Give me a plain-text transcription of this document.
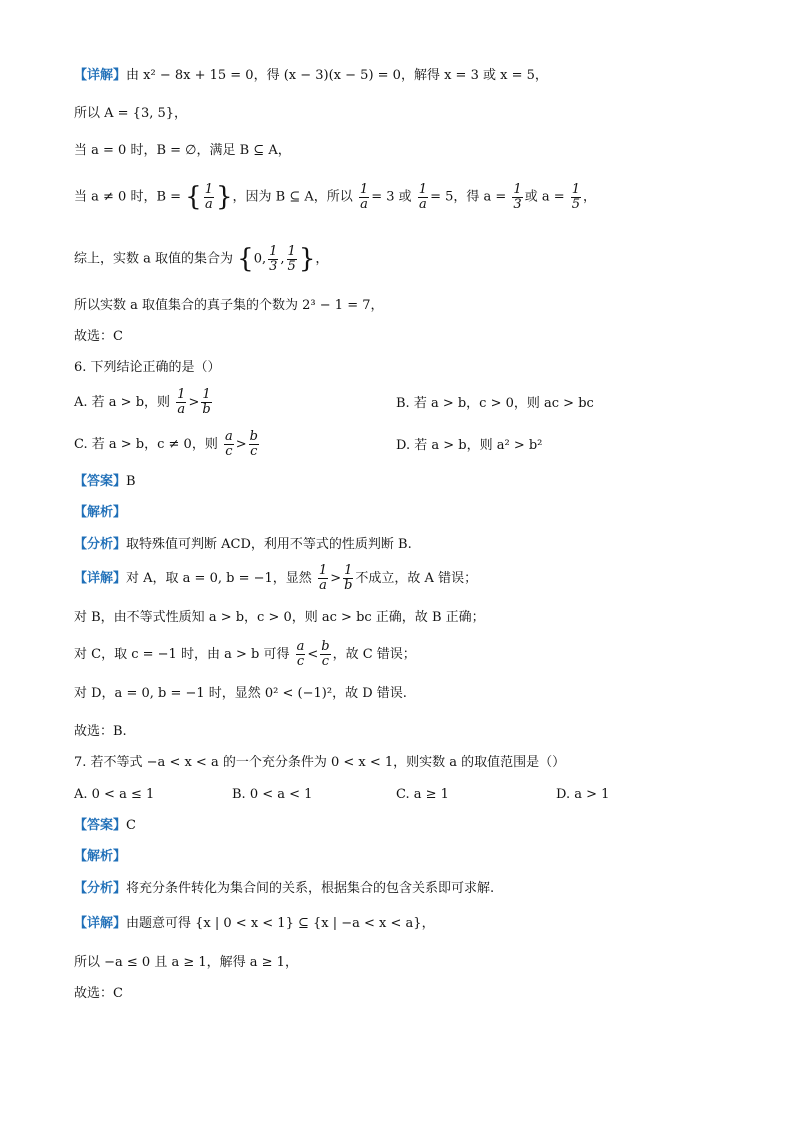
【详解】由 x² − 8x + 15 = 0，得 (x − 3)(x − 5) = 0，解得 x = 3 或 x = 5，
所以 A = {3, 5}，
当 a = 0 时，B = ∅，满足 B ⊆ A，
当 a ≠ 0 时，B = { $\frac{1}{a}$ }，因为 B ⊆ A，所以 $\frac{1}{a} = 3$ 或 $\frac{1}{a} = 5$，得 $a = \frac{1}{3}$ 或 $a = \frac{1}{5}$ ，
综上，实数 a 取值的集合为 {0, $\frac{1}{3}$ , $\frac{1}{5}$ }，
所以实数 a 取值集合的真子集的个数为 2³ − 1 = 7，
故选：C
6. 下列结论正确的是（）
A. 若 a > b，则 $\frac{1}{a} > \frac{1}{b}$	B. 若 a > b，c > 0，则 ac > bc
C. 若 a > b，c ≠ 0，则 $\frac{a}{c} > \frac{b}{c}$	D. 若 a > b，则 a² > b²
【答案】B
【解析】
【分析】取特殊值可判断 ACD，利用不等式的性质判断 B.
【详解】对 A，取 a = 0, b = −1，显然 $\frac{1}{a} > \frac{1}{b}$ 不成立，故 A 错误；
对 B，由不等式性质知 a > b，c > 0，则 ac > bc 正确，故 B 正确；
对 C，取 c = −1 时，由 a > b 可得 $\frac{a}{c} < \frac{b}{c}$ ，故 C 错误；
对 D，a = 0, b = −1 时，显然 0² < (−1)²，故 D 错误.
故选：B.
7. 若不等式 −a < x < a 的一个充分条件为 0 < x < 1，则实数 a 的取值范围是（）
A. 0 < a ≤ 1	B. 0 < a < 1	C. a ≥ 1	D. a > 1
【答案】C
【解析】
【分析】将充分条件转化为集合间的关系，根据集合的包含关系即可求解.
【详解】由题意可得 {x | 0 < x < 1} ⊆ {x | −a < x < a}，
所以 −a ≤ 0 且 a ≥ 1，解得 a ≥ 1，
故选：C
